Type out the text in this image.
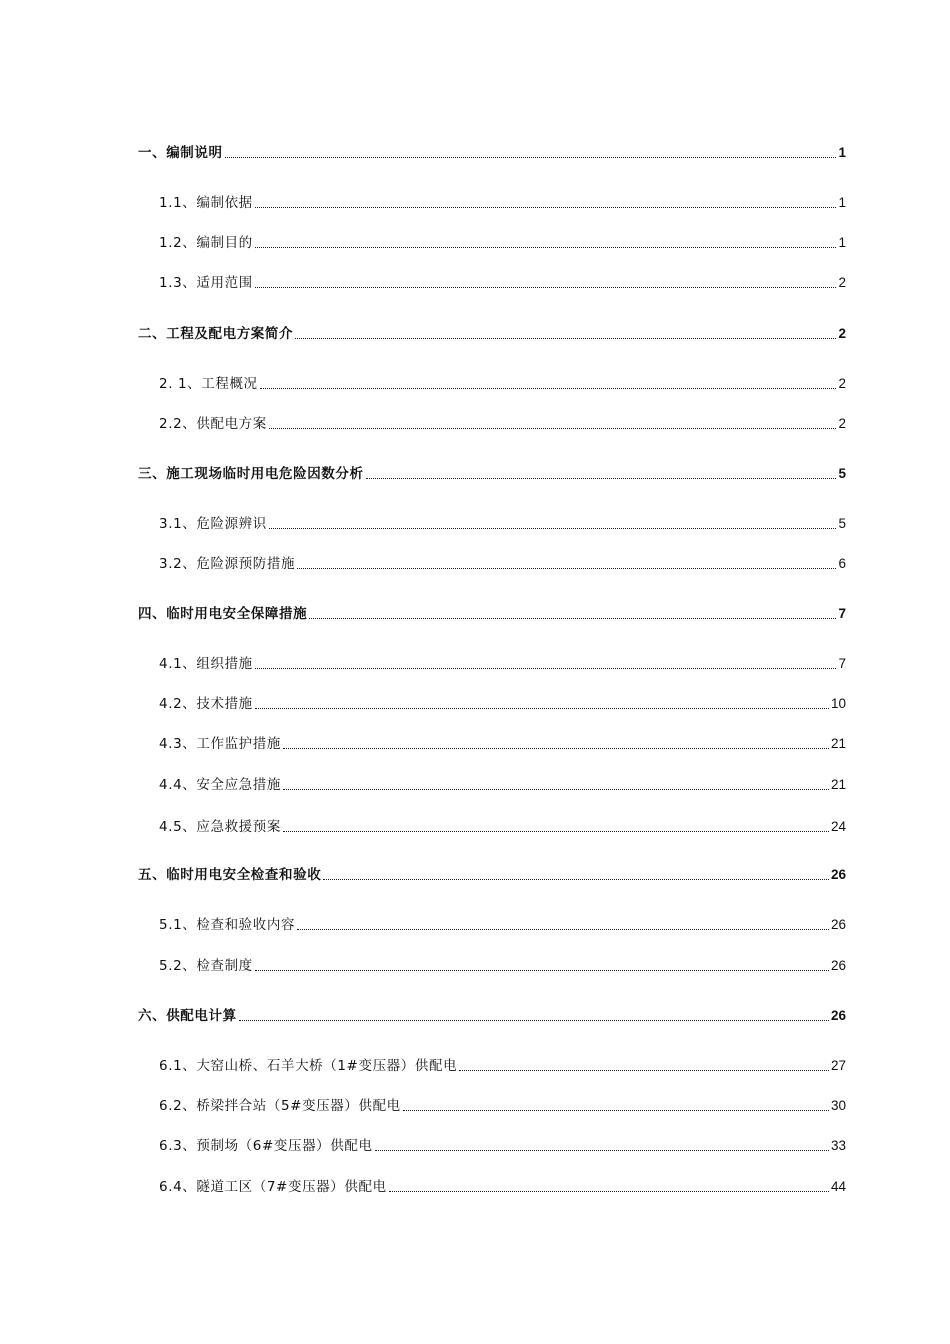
一、编制说明	1
1.1、编制依据	1
1.2、编制目的	1
1.3、适用范围	2
二、工程及配电方案简介	2
2. 1、工程概况	2
2.2、供配电方案	2
三、施工现场临时用电危险因数分析	5
3.1、危险源辨识	5
3.2、危险源预防措施	6
四、临时用电安全保障措施	7
4.1、组织措施	7
4.2、技术措施	10
4.3、工作监护措施	21
4.4、安全应急措施	21
4.5、应急救援预案	24
五、临时用电安全检查和验收	26
5.1、检查和验收内容	26
5.2、检查制度	26
六、供配电计算	26
6.1、大窑山桥、石羊大桥（1#变压器）供配电	27
6.2、桥梁拌合站（5#变压器）供配电	30
6.3、预制场（6#变压器）供配电	33
6.4、隧道工区（7#变压器）供配电	44
